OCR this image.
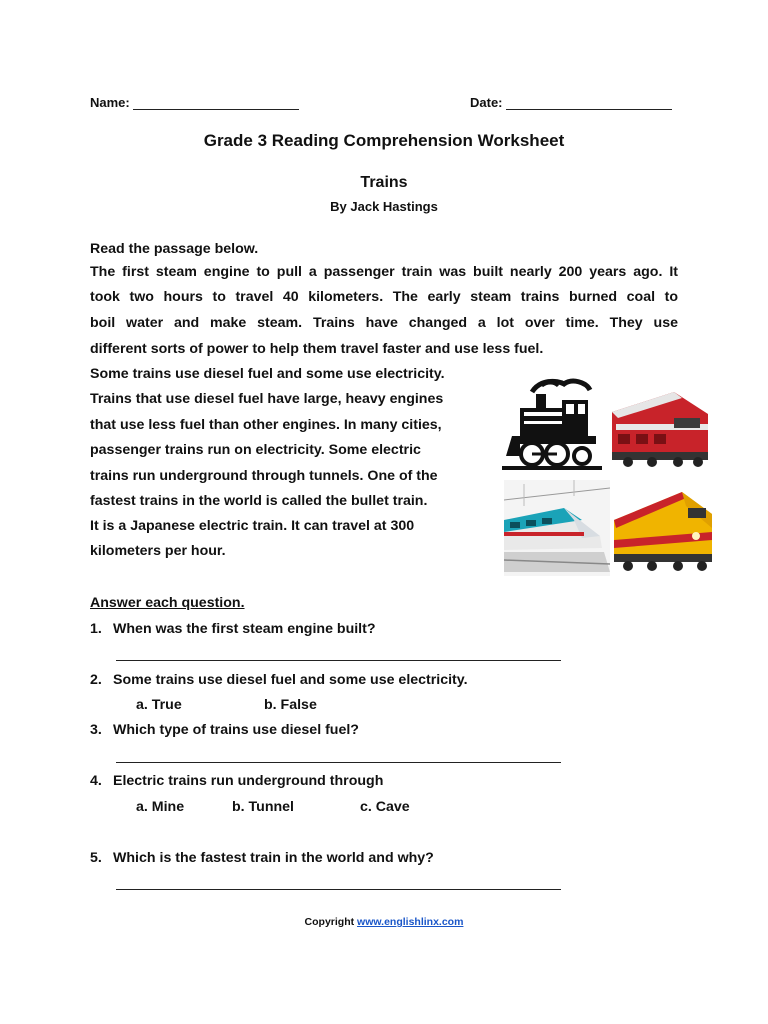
Name:	Date:
Grade 3 Reading Comprehension Worksheet
Trains
By Jack Hastings
Read the passage below.
The first steam engine to pull a passenger train was built nearly 200 years ago. It
took two hours to travel 40 kilometers. The early steam trains burned coal to
boil water and make steam. Trains have changed a lot over time. They use
different sorts of power to help them travel faster and use less fuel.
Some trains use diesel fuel and some use electricity.
Trains that use diesel fuel have large, heavy engines
that use less fuel than other engines. In many cities,
passenger trains run on electricity. Some electric
trains run underground through tunnels. One of the
fastest trains in the world is called the bullet train.
It is a Japanese electric train. It can travel at 300
kilometers per hour.
Answer each question.
1. When was the first steam engine built?
2. Some trains use diesel fuel and some use electricity.
a. True	b. False
3. Which type of trains use diesel fuel?
4. Electric trains run underground through
a. Mine	b. Tunnel	c. Cave
5. Which is the fastest train in the world and why?
Copyright www.englishlinx.com
